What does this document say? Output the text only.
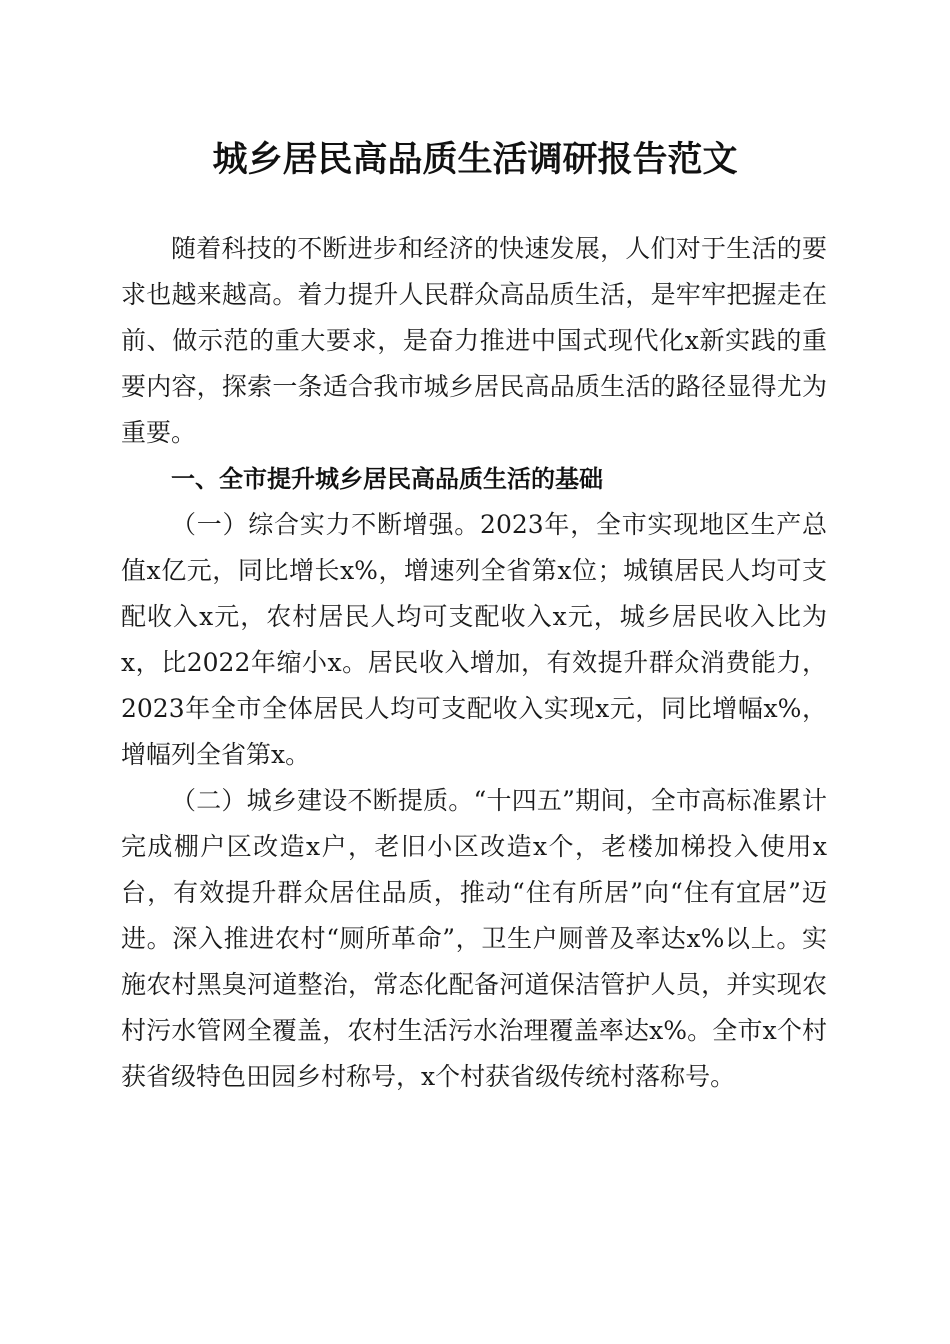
城乡居民高品质生活调研报告范文

随着科技的不断进步和经济的快速发展，人们对于生活的要求也越来越高。着力提升人民群众高品质生活，是牢牢把握走在前、做示范的重大要求，是奋力推进中国式现代化x新实践的重要内容，探索一条适合我市城乡居民高品质生活的路径显得尤为重要。

一、全市提升城乡居民高品质生活的基础

（一）综合实力不断增强。2023年，全市实现地区生产总值x亿元，同比增长x%，增速列全省第x位；城镇居民人均可支配收入x元，农村居民人均可支配收入x元，城乡居民收入比为x，比2022年缩小x。居民收入增加，有效提升群众消费能力，2023年全市全体居民人均可支配收入实现x元，同比增幅x%，增幅列全省第x。

（二）城乡建设不断提质。“十四五”期间，全市高标准累计完成棚户区改造x户，老旧小区改造x个，老楼加梯投入使用x台，有效提升群众居住品质，推动“住有所居”向“住有宜居”迈进。深入推进农村“厕所革命”，卫生户厕普及率达x%以上。实施农村黑臭河道整治，常态化配备河道保洁管护人员，并实现农村污水管网全覆盖，农村生活污水治理覆盖率达x%。全市x个村获省级特色田园乡村称号，x个村获省级传统村落称号。
